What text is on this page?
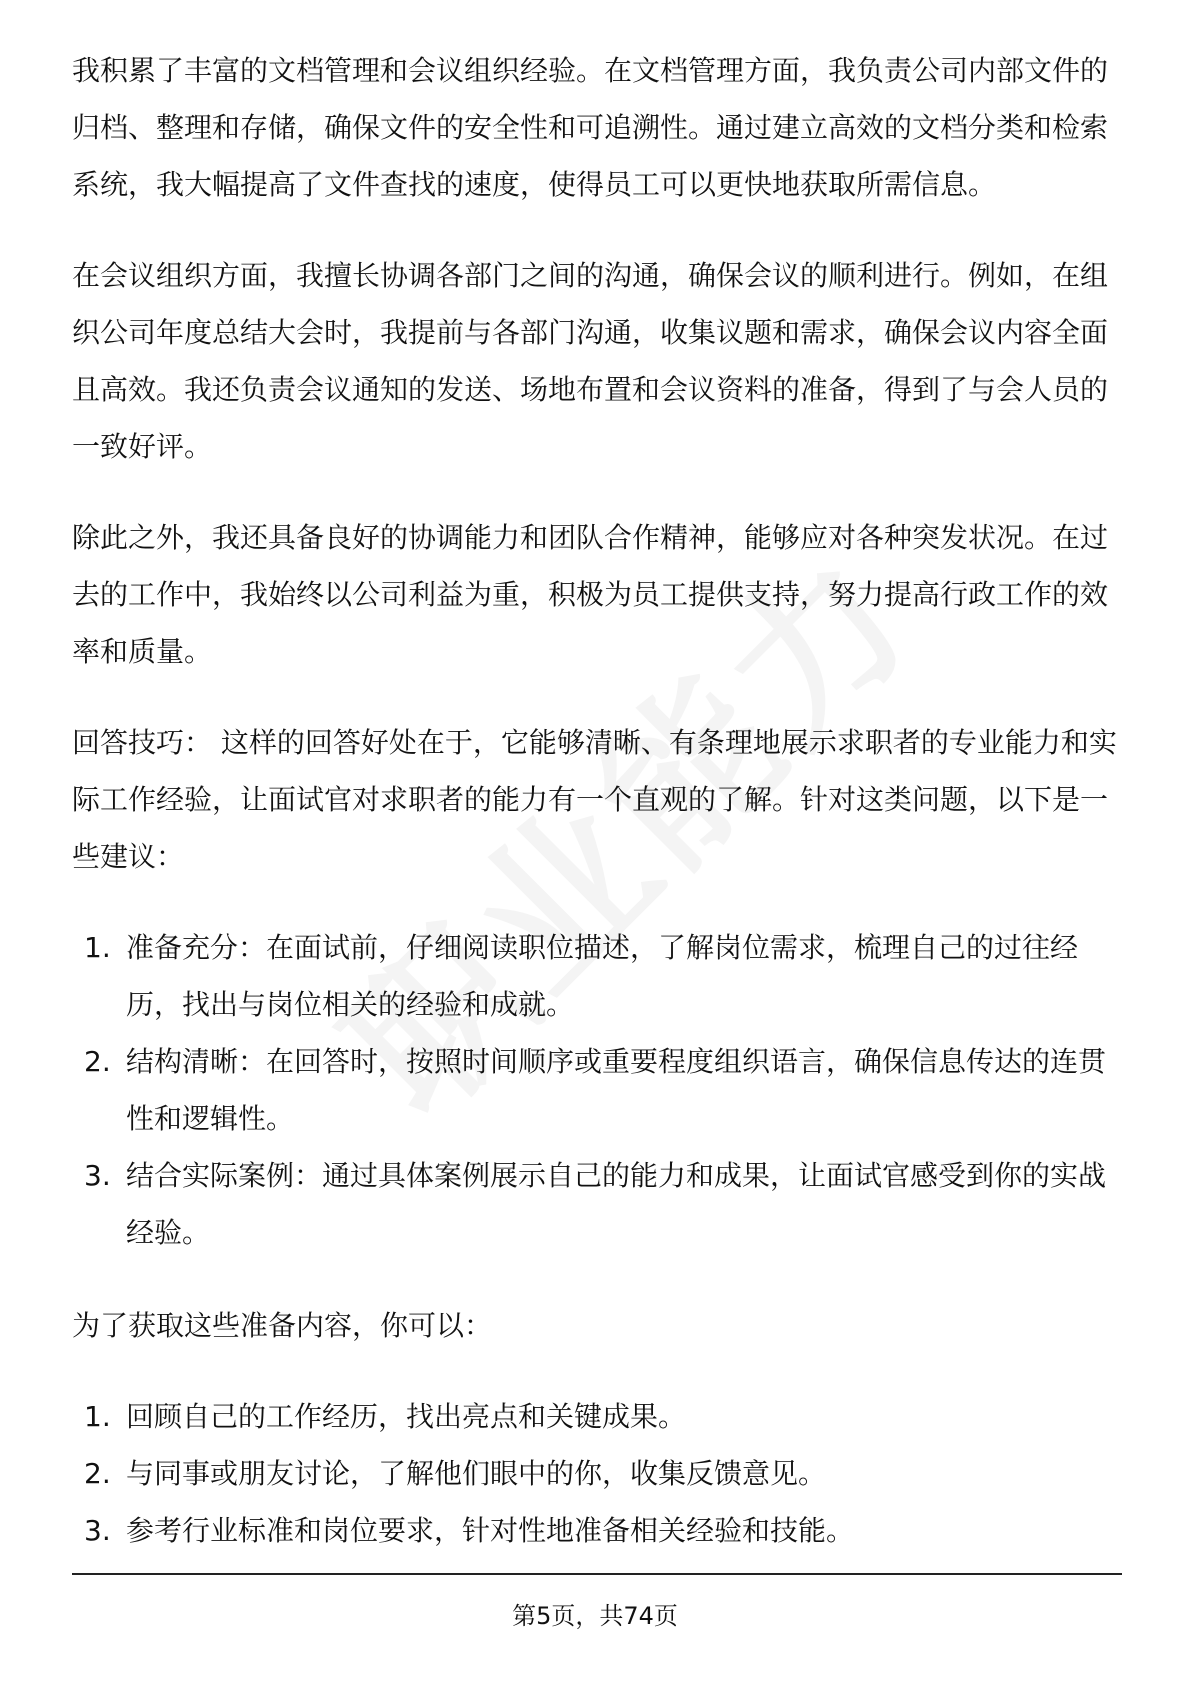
我积累了丰富的文档管理和会议组织经验。在文档管理方面，我负责公司内部文件的归档、整理和存储，确保文件的安全性和可追溯性。通过建立高效的文档分类和检索系统，我大幅提高了文件查找的速度，使得员工可以更快地获取所需信息。

在会议组织方面，我擅长协调各部门之间的沟通，确保会议的顺利进行。例如，在组织公司年度总结大会时，我提前与各部门沟通，收集议题和需求，确保会议内容全面且高效。我还负责会议通知的发送、场地布置和会议资料的准备，得到了与会人员的一致好评。

除此之外，我还具备良好的协调能力和团队合作精神，能够应对各种突发状况。在过去的工作中，我始终以公司利益为重，积极为员工提供支持，努力提高行政工作的效率和质量。

回答技巧： 这样的回答好处在于，它能够清晰、有条理地展示求职者的专业能力和实际工作经验，让面试官对求职者的能力有一个直观的了解。针对这类问题，以下是一些建议：

1. 准备充分：在面试前，仔细阅读职位描述，了解岗位需求，梳理自己的过往经历，找出与岗位相关的经验和成就。
2. 结构清晰：在回答时，按照时间顺序或重要程度组织语言，确保信息传达的连贯性和逻辑性。
3. 结合实际案例：通过具体案例展示自己的能力和成果，让面试官感受到你的实战经验。

为了获取这些准备内容，你可以：

1. 回顾自己的工作经历，找出亮点和关键成果。
2. 与同事或朋友讨论，了解他们眼中的你，收集反馈意见。
3. 参考行业标准和岗位要求，针对性地准备相关经验和技能。
第5页，共74页
